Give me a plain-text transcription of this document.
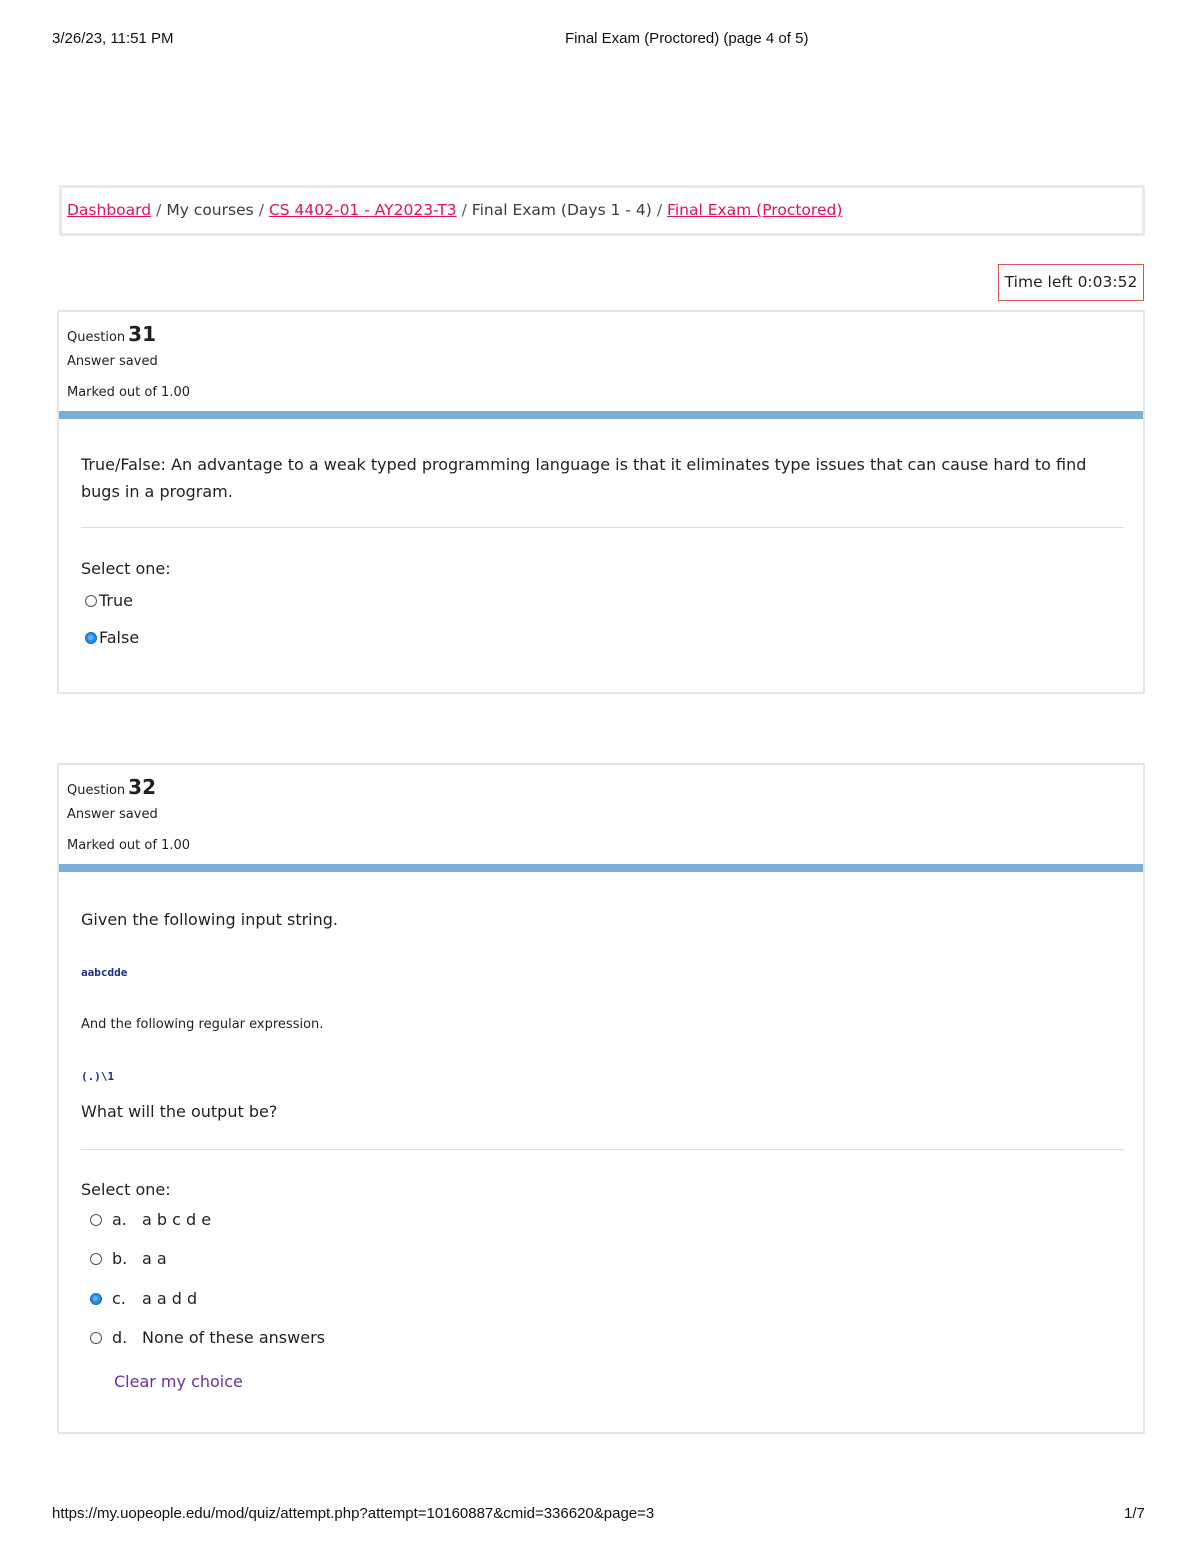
3/26/23, 11:51 PM	Final Exam (Proctored) (page 4 of 5)
Dashboard / My courses / CS 4402-01 - AY2023-T3 / Final Exam (Days 1 - 4) / Final Exam (Proctored)
Time left 0:03:52
Question 31
Answer saved
Marked out of 1.00
True/False: An advantage to a weak typed programming language is that it eliminates type issues that can cause hard to find bugs in a program.
Select one:
True
False
Question 32
Answer saved
Marked out of 1.00
Given the following input string.
aabcdde
And the following regular expression.
(.)\1
What will the output be?
Select one:
a. a b c d e
b. a a
c.	a a d d
d. None of these answers
Clear my choice
https://my.uopeople.edu/mod/quiz/attempt.php?attempt=10160887&cmid=336620&page=3	1/7
